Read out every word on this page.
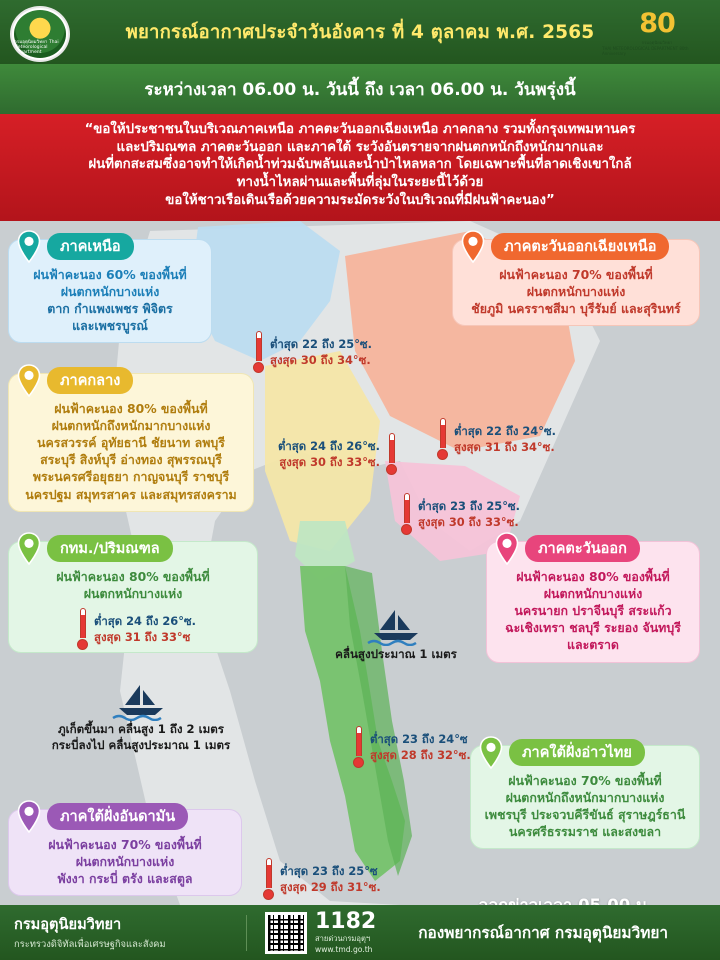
กรมอุตุนิยมวิทยา Thai Meteorological Department
พยากรณ์อากาศประจำวันอังคาร ที่ 4 ตุลาคม พ.ศ. 2565 80
กรมอุตุนิยมวิทยา
THAI METEOROLOGICAL DEPARTMENT 80th Anniversary
ระหว่างเวลา 06.00 น. วันนี้ ถึง เวลา 06.00 น. วันพรุ่งนี้

“ขอให้ประชาชนในบริเวณภาคเหนือ ภาคตะวันออกเฉียงเหนือ ภาคกลาง รวมทั้งกรุงเทพมหานคร

และปริมณฑล ภาคตะวันออก และภาคใต้ ระวังอันตรายจากฝนตกหนักถึงหนักมากและ

ฝนที่ตกสะสมซึ่งอาจทำให้เกิดน้ำท่วมฉับพลันและน้ำป่าไหลหลาก โดยเฉพาะพื้นที่ลาดเชิงเขาใกล้

ทางน้ำไหลผ่านและพื้นที่ลุ่มในระยะนี้ไว้ด้วย

ขอให้ชาวเรือเดินเรือด้วยความระมัดระวังในบริเวณที่มีฝนฟ้าคะนอง”

ภาคเหนือ
ฝนฟ้าคะนอง 60% ของพื้นที่
ฝนตกหนักบางแห่ง
ตาก กำแพงเพชร พิจิตร
และเพชรบูรณ์
ภาคตะวันออกเฉียงเหนือ
ฝนฟ้าคะนอง 70% ของพื้นที่
ฝนตกหนักบางแห่ง
ชัยภูมิ นครราชสีมา บุรีรัมย์ และสุรินทร์
ภาคกลาง
ฝนฟ้าคะนอง 80% ของพื้นที่
ฝนตกหนักถึงหนักมากบางแห่ง
นครสวรรค์ อุทัยธานี ชัยนาท ลพบุรี
สระบุรี สิงห์บุรี อ่างทอง สุพรรณบุรี
พระนครศรีอยุธยา กาญจนบุรี ราชบุรี
นครปฐม สมุทรสาคร และสมุทรสงคราม
กทม./ปริมณฑล
ฝนฟ้าคะนอง 80% ของพื้นที่
ฝนตกหนักบางแห่ง
ต่ำสุด 24 ถึง 26°ซ.
สูงสุด 31 ถึง 33°ซ
ภาคตะวันออก
ฝนฟ้าคะนอง 80% ของพื้นที่
ฝนตกหนักบางแห่ง
นครนายก ปราจีนบุรี สระแก้ว
ฉะเชิงเทรา ชลบุรี ระยอง จันทบุรี
และตราด
ภาคใต้ฝั่งอ่าวไทย
ฝนฟ้าคะนอง 70% ของพื้นที่
ฝนตกหนักถึงหนักมากบางแห่ง
เพชรบุรี ประจวบคีรีขันธ์ สุราษฎร์ธานี
นครศรีธรรมราช และสงขลา
ภาคใต้ฝั่งอันดามัน
ฝนฟ้าคะนอง 70% ของพื้นที่
ฝนตกหนักบางแห่ง
พังงา กระบี่ ตรัง และสตูล
ต่ำสุด 22 ถึง 25°ซ.
สูงสุด 30 ถึง 34°ซ.
ต่ำสุด 22 ถึง 24°ซ.
สูงสุด 31 ถึง 34°ซ.
ต่ำสุด 24 ถึง 26°ซ.
สูงสุด 30 ถึง 33°ซ.
ต่ำสุด 23 ถึง 25°ซ.
สูงสุด 30 ถึง 33°ซ.
ต่ำสุด 23 ถึง 24°ซ
สูงสุด 28 ถึง 32°ซ.
ต่ำสุด 23 ถึง 25°ซ
สูงสุด 29 ถึง 31°ซ.
คลื่นสูงประมาณ 1 เมตร
ภูเก็ตขึ้นมา คลื่นสูง 1 ถึง 2 เมตร
กระบี่ลงไป คลื่นสูงประมาณ 1 เมตร
กรมอุตุนิยมวิทยา
กระทรวงดิจิทัลเพื่อเศรษฐกิจและสังคม
1182
สายด่วนกรมอุตุฯ
www.tmd.go.th
กองพยากรณ์อากาศ กรมอุตุนิยมวิทยา
